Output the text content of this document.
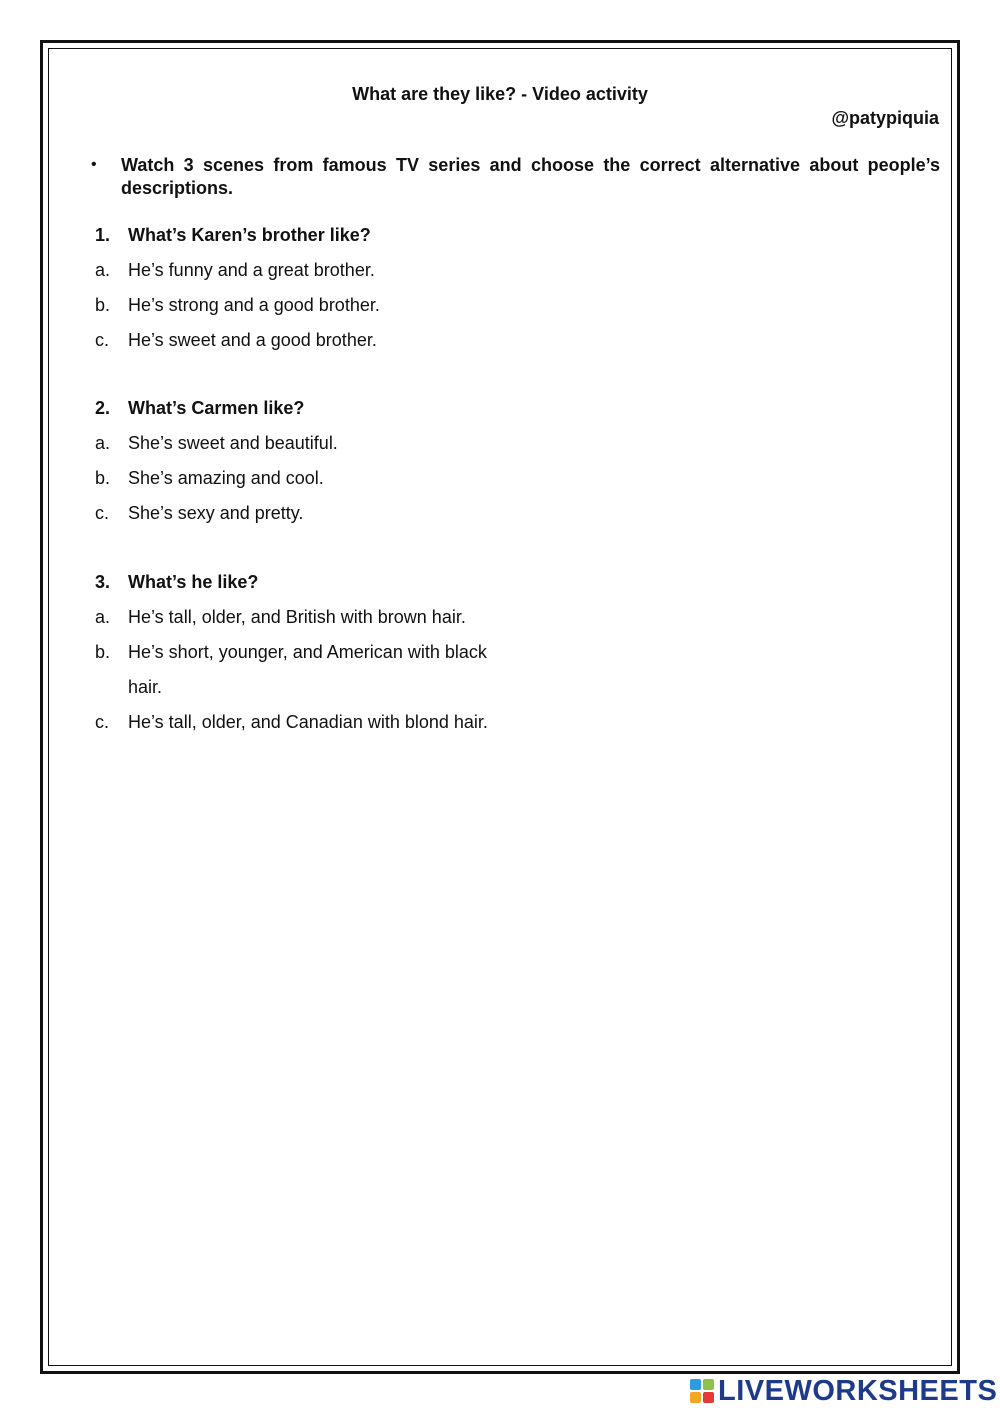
What are they like? - Video activity
@patypiquia
• Watch 3 scenes from famous TV series and choose the correct alternative about people’s descriptions.
1. What’s Karen’s brother like?
a. He’s funny and a great brother.
b. He’s strong and a good brother.
c.	He’s sweet and a good brother.
2. What’s Carmen like?
a. She’s sweet and beautiful.
b. She’s amazing and cool.
c.	She’s sexy and pretty.
3. What’s he like?
a. He’s tall, older, and British with brown hair.
b. He’s short, younger, and American with black hair.
c.	He’s tall, older, and Canadian with blond hair.
LIVEWORKSHEETS
